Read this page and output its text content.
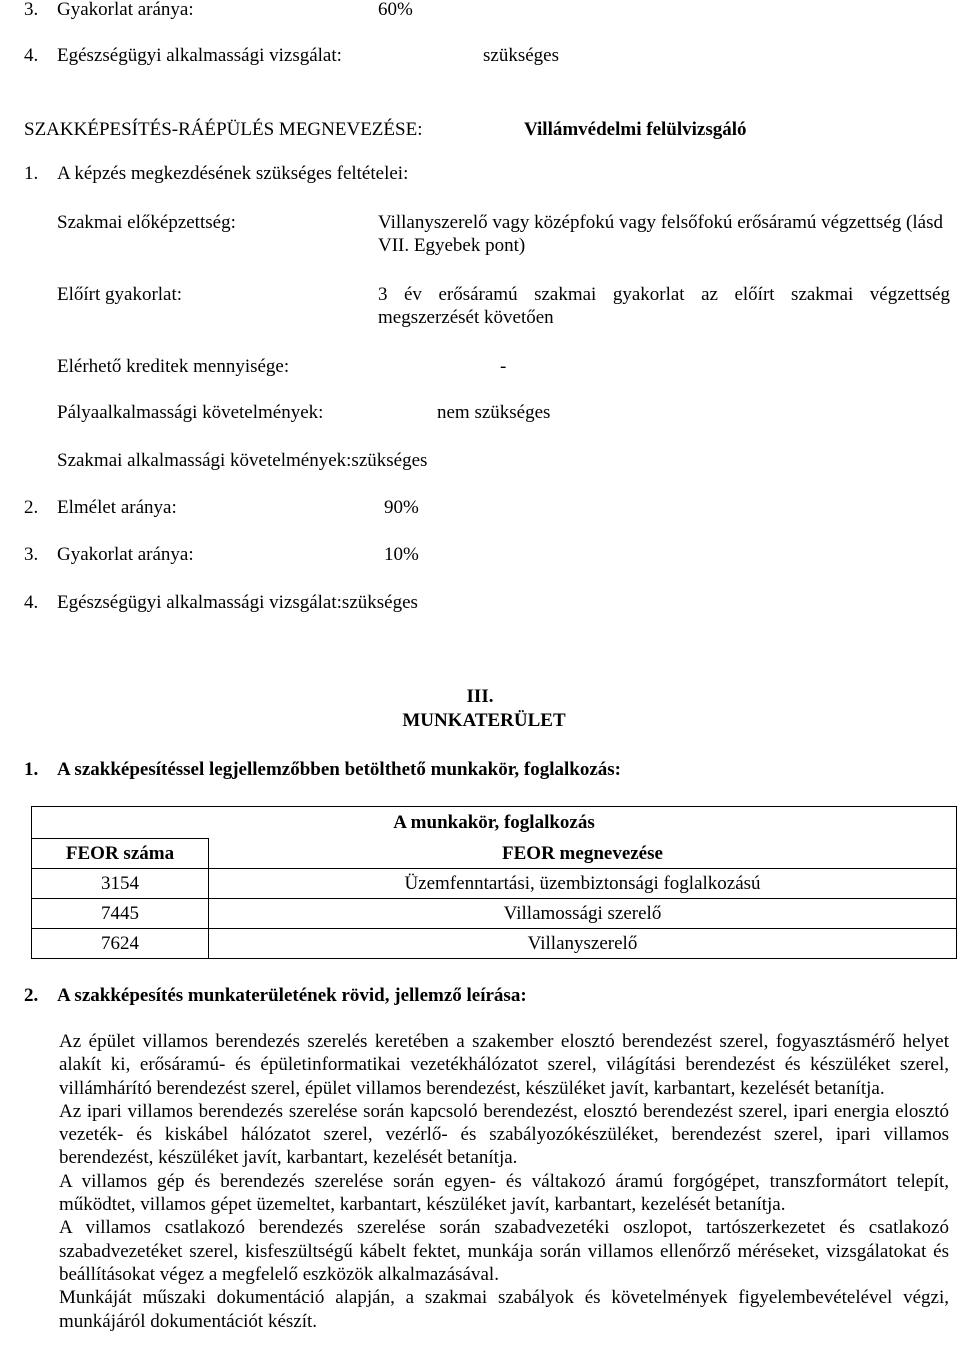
3. Gyakorlat aránya:	60%
4. Egészségügyi alkalmassági vizsgálat:	szükséges
SZAKKÉPESÍTÉS-RÁÉPÜLÉS MEGNEVEZÉSE:	Villámvédelmi felülvizsgáló
1. A képzés megkezdésének szükséges feltételei:
Szakmai előképzettség:	Villanyszerelő vagy középfokú vagy felsőfokú erősáramú végzettség (lásd VII. Egyebek pont)
Előírt gyakorlat:	3 év erősáramú szakmai gyakorlat az előírt szakmai végzettség megszerzését követően
Elérhető kreditek mennyisége:	-
Pályaalkalmassági követelmények:	nem szükséges
Szakmai alkalmassági követelmények:szükséges
2. Elmélet aránya:	90%
3. Gyakorlat aránya:	10%
4. Egészségügyi alkalmassági vizsgálat:szükséges
III.
MUNKATERÜLET
1. A szakképesítéssel legjellemzőbben betölthető munkakör, foglalkozás:
A munkakör, foglalkozás	
FEOR száma	FEOR megnevezése
3154	Üzemfenntartási, üzembiztonsági foglalkozású
7445	Villamossági szerelő
7624	Villanyszerelő
2. A szakképesítés munkaterületének rövid, jellemző leírása:

Az épület villamos berendezés szerelés keretében a szakember elosztó berendezést szerel, fogyasztásmérő helyet alakít ki, erősáramú- és épületinformatikai vezetékhálózatot szerel, világítási berendezést és készüléket szerel, villámhárító berendezést szerel, épület villamos berendezést, készüléket javít, karbantart, kezelését betanítja.

Az ipari villamos berendezés szerelése során kapcsoló berendezést, elosztó berendezést szerel, ipari energia elosztó vezeték- és kiskábel hálózatot szerel, vezérlő- és szabályozókészüléket, berendezést szerel, ipari villamos berendezést, készüléket javít, karbantart, kezelését betanítja.

A villamos gép és berendezés szerelése során egyen- és váltakozó áramú forgógépet, transzformátort telepít, működtet, villamos gépet üzemeltet, karbantart, készüléket javít, karbantart, kezelését betanítja.

A villamos csatlakozó berendezés szerelése során szabadvezetéki oszlopot, tartószerkezetet és csatlakozó szabadvezetéket szerel, kisfeszültségű kábelt fektet, munkája során villamos ellenőrző méréseket, vizsgálatokat és beállításokat végez a megfelelő eszközök alkalmazásával.

Munkáját műszaki dokumentáció alapján, a szakmai szabályok és követelmények figyelembevételével végzi, munkájáról dokumentációt készít.
